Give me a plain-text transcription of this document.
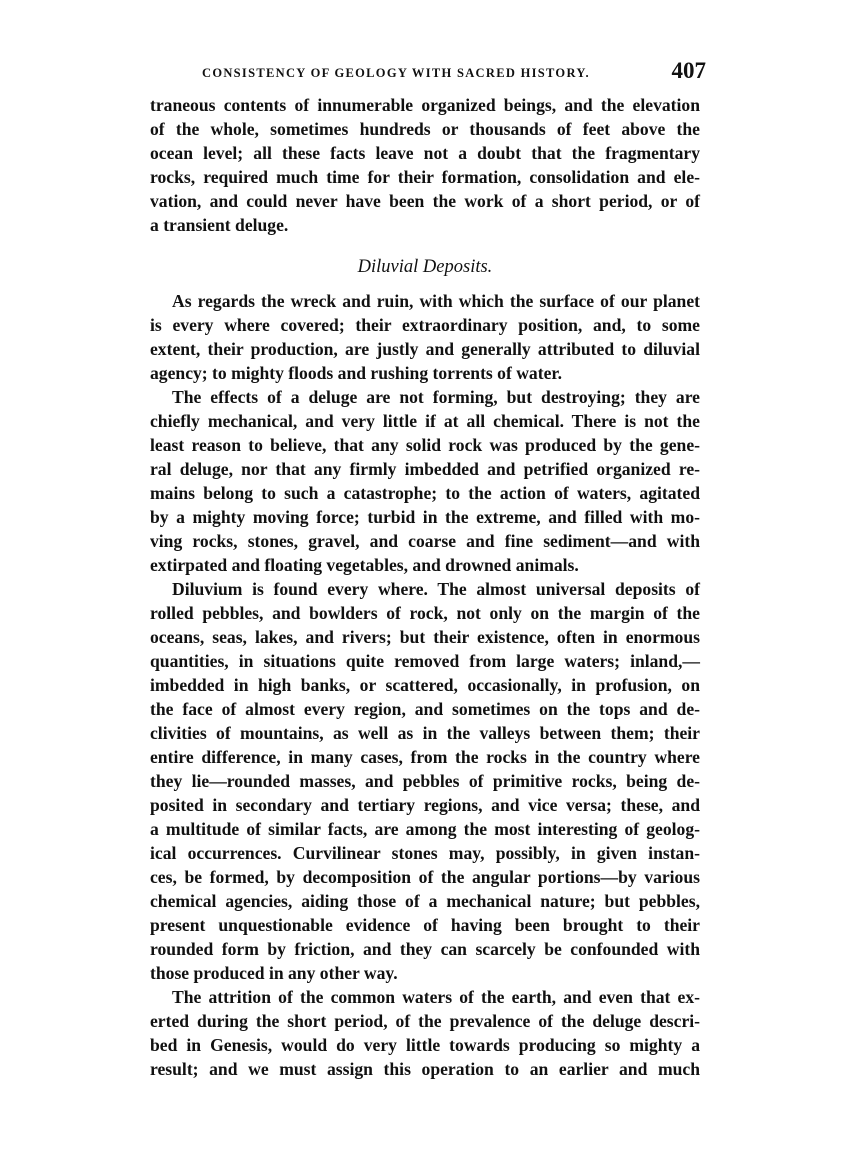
CONSISTENCY OF GEOLOGY WITH SACRED HISTORY.	407
traneous contents of innumerable organized beings, and the elevation
of the whole, sometimes hundreds or thousands of feet above the
ocean level; all these facts leave not a doubt that the fragmentary
rocks, required much time for their formation, consolidation and ele-
vation, and could never have been the work of a short period, or of
a transient deluge.
Diluvial Deposits.
As regards the wreck and ruin, with which the surface of our planet
is every where covered; their extraordinary position, and, to some
extent, their production, are justly and generally attributed to diluvial
agency; to mighty floods and rushing torrents of water.
The effects of a deluge are not forming, but destroying; they are
chiefly mechanical, and very little if at all chemical. There is not the
least reason to believe, that any solid rock was produced by the gene-
ral deluge, nor that any firmly imbedded and petrified organized re-
mains belong to such a catastrophe; to the action of waters, agitated
by a mighty moving force; turbid in the extreme, and filled with mo-
ving rocks, stones, gravel, and coarse and fine sediment—and with
extirpated and floating vegetables, and drowned animals.
Diluvium is found every where. The almost universal deposits of
rolled pebbles, and bowlders of rock, not only on the margin of the
oceans, seas, lakes, and rivers; but their existence, often in enormous
quantities, in situations quite removed from large waters; inland,—
imbedded in high banks, or scattered, occasionally, in profusion, on
the face of almost every region, and sometimes on the tops and de-
clivities of mountains, as well as in the valleys between them; their
entire difference, in many cases, from the rocks in the country where
they lie—rounded masses, and pebbles of primitive rocks, being de-
posited in secondary and tertiary regions, and vice versa; these, and
a multitude of similar facts, are among the most interesting of geolog-
ical occurrences. Curvilinear stones may, possibly, in given instan-
ces, be formed, by decomposition of the angular portions—by various
chemical agencies, aiding those of a mechanical nature; but pebbles,
present unquestionable evidence of having been brought to their
rounded form by friction, and they can scarcely be confounded with
those produced in any other way.
The attrition of the common waters of the earth, and even that ex-
erted during the short period, of the prevalence of the deluge descri-
bed in Genesis, would do very little towards producing so mighty a
result; and we must assign this operation to an earlier and much
